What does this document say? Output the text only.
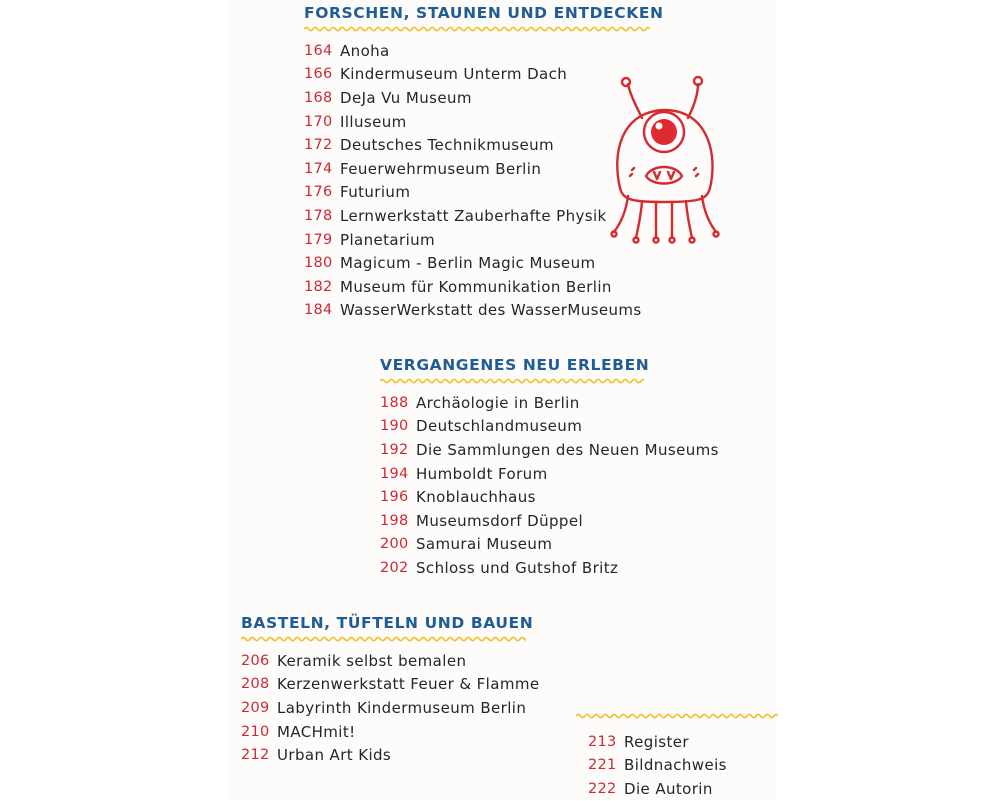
FORSCHEN, STAUNEN UND ENTDECKEN
164 Anoha
166 Kindermuseum Unterm Dach
168 DeJa Vu Museum
170 Illuseum
172 Deutsches Technikmuseum
174 Feuerwehrmuseum Berlin
176 Futurium
178 Lernwerkstatt Zauberhafte Physik
179 Planetarium
180 Magicum - Berlin Magic Museum
182 Museum für Kommunikation Berlin
184 WasserWerkstatt des WasserMuseums
VERGANGENES NEU ERLEBEN
188 Archäologie in Berlin
190 Deutschlandmuseum
192 Die Sammlungen des Neuen Museums
194 Humboldt Forum
196 Knoblauchhaus
198 Museumsdorf Düppel
200 Samurai Museum
202 Schloss und Gutshof Britz
BASTELN, TÜFTELN UND BAUEN
206 Keramik selbst bemalen
208 Kerzenwerkstatt Feuer & Flamme
209 Labyrinth Kindermuseum Berlin
210 MACHmit!
212 Urban Art Kids
213 Register
221 Bildnachweis
222 Die Autorin
